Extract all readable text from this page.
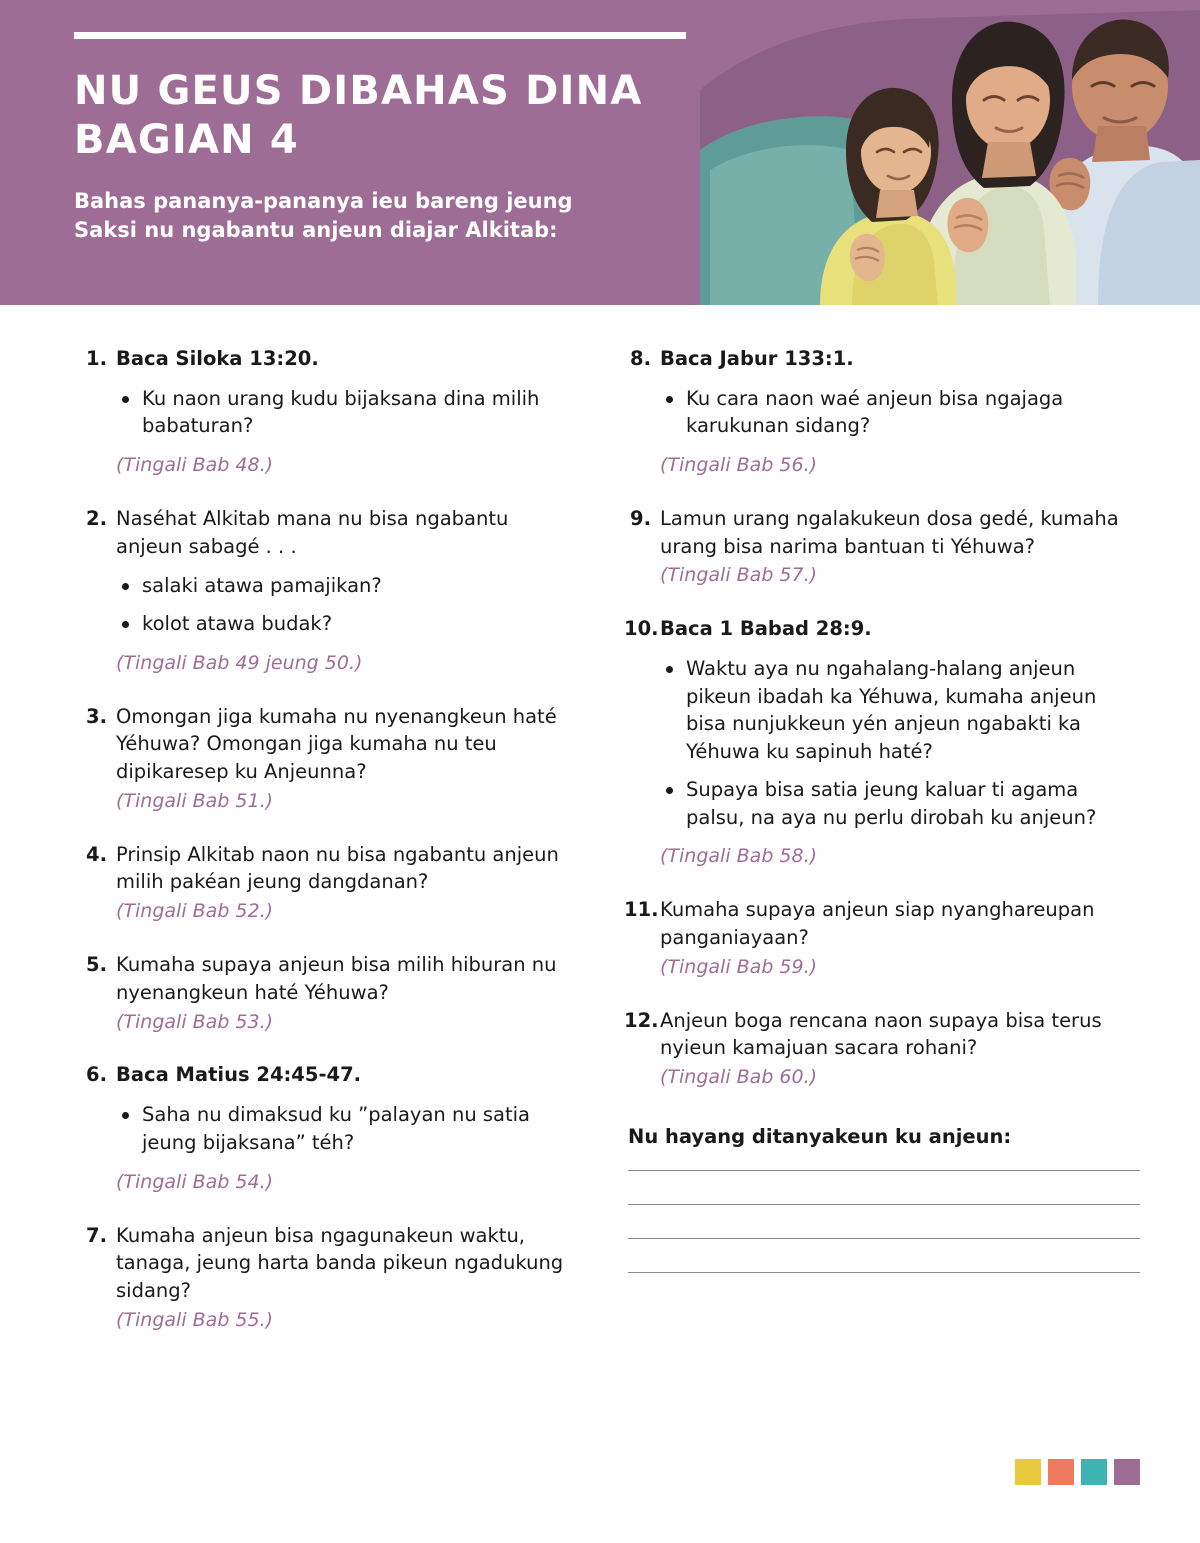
NU GEUS DIBAHAS DINA BAGIAN 4
Bahas pananya-pananya ieu bareng jeung Saksi nu ngabantu anjeun diajar Alkitab:
1. Baca Siloka 13:20.
Ku naon urang kudu bijaksana dina milih babaturan?
(Tingali Bab 48.)
2. Naséhat Alkitab mana nu bisa ngabantu anjeun sabagé . . .
salaki atawa pamajikan?
kolot atawa budak?
(Tingali Bab 49 jeung 50.)
3. Omongan jiga kumaha nu nyenangkeun haté Yéhuwa? Omongan jiga kumaha nu teu dipikaresep ku Anjeunna?
(Tingali Bab 51.)
4. Prinsip Alkitab naon nu bisa ngabantu anjeun milih pakéan jeung dangdanan?
(Tingali Bab 52.)
5. Kumaha supaya anjeun bisa milih hiburan nu nyenangkeun haté Yéhuwa?
(Tingali Bab 53.)
6. Baca Matius 24:45-47.
Saha nu dimaksud ku ”palayan nu satia jeung bijaksana” téh?
(Tingali Bab 54.)
7. Kumaha anjeun bisa ngagunakeun waktu, tanaga, jeung harta banda pikeun ngadukung sidang?
(Tingali Bab 55.)
8. Baca Jabur 133:1.
Ku cara naon waé anjeun bisa ngajaga karukunan sidang?
(Tingali Bab 56.)
9. Lamun urang ngalakukeun dosa gedé, kumaha urang bisa narima bantuan ti Yéhuwa?
(Tingali Bab 57.)
10. Baca 1 Babad 28:9.
Waktu aya nu ngahalang-halang anjeun pikeun ibadah ka Yéhuwa, kumaha anjeun bisa nunjukkeun yén anjeun ngabakti ka Yéhuwa ku sapinuh haté?
Supaya bisa satia jeung kaluar ti agama palsu, na aya nu perlu dirobah ku anjeun?
(Tingali Bab 58.)
11. Kumaha supaya anjeun siap nyanghareupan panganiayaan?
(Tingali Bab 59.)
12. Anjeun boga rencana naon supaya bisa terus nyieun kamajuan sacara rohani?
(Tingali Bab 60.)
Nu hayang ditanyakeun ku anjeun:
